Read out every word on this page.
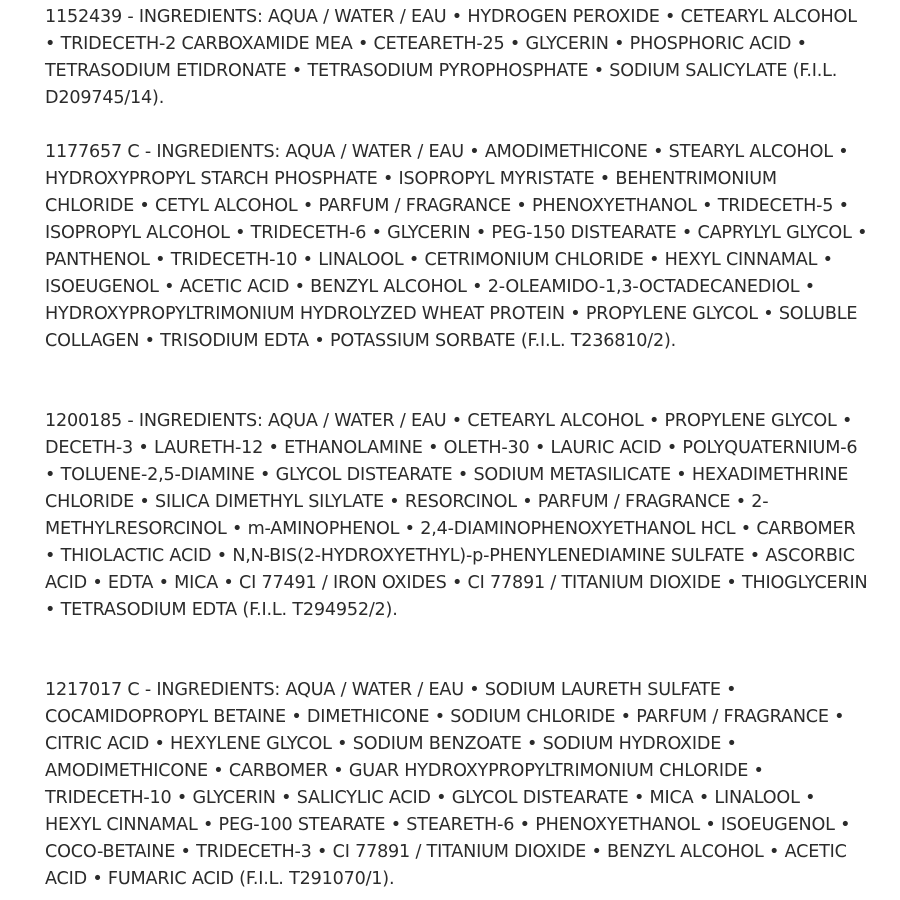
1152439 - INGREDIENTS: AQUA / WATER / EAU • HYDROGEN PEROXIDE • CETEARYL ALCOHOL • TRIDECETH-2 CARBOXAMIDE MEA • CETEARETH-25 • GLYCERIN • PHOSPHORIC ACID • TETRASODIUM ETIDRONATE • TETRASODIUM PYROPHOSPHATE • SODIUM SALICYLATE (F.I.L. D209745/14).

1177657 C - INGREDIENTS: AQUA / WATER / EAU • AMODIMETHICONE • STEARYL ALCOHOL • HYDROXYPROPYL STARCH PHOSPHATE • ISOPROPYL MYRISTATE • BEHENTRIMONIUM CHLORIDE • CETYL ALCOHOL • PARFUM / FRAGRANCE • PHENOXYETHANOL • TRIDECETH-5 • ISOPROPYL ALCOHOL • TRIDECETH-6 • GLYCERIN • PEG-150 DISTEARATE • CAPRYLYL GLYCOL • PANTHENOL • TRIDECETH-10 • LINALOOL • CETRIMONIUM CHLORIDE • HEXYL CINNAMAL • ISOEUGENOL • ACETIC ACID • BENZYL ALCOHOL • 2-OLEAMIDO-1,3-OCTADECANEDIOL • HYDROXYPROPYLTRIMONIUM HYDROLYZED WHEAT PROTEIN • PROPYLENE GLYCOL • SOLUBLE COLLAGEN • TRISODIUM EDTA • POTASSIUM SORBATE (F.I.L. T236810/2).

1200185 - INGREDIENTS: AQUA / WATER / EAU • CETEARYL ALCOHOL • PROPYLENE GLYCOL • DECETH-3 • LAURETH-12 • ETHANOLAMINE • OLETH-30 • LAURIC ACID • POLYQUATERNIUM-6 • TOLUENE-2,5-DIAMINE • GLYCOL DISTEARATE • SODIUM METASILICATE • HEXADIMETHRINE CHLORIDE • SILICA DIMETHYL SILYLATE • RESORCINOL • PARFUM / FRAGRANCE • 2-METHYLRESORCINOL • m-AMINOPHENOL • 2,4-DIAMINOPHENOXYETHANOL HCL • CARBOMER • THIOLACTIC ACID • N,N-BIS(2-HYDROXYETHYL)-p-PHENYLENEDIAMINE SULFATE • ASCORBIC ACID • EDTA • MICA • CI 77491 / IRON OXIDES • CI 77891 / TITANIUM DIOXIDE • THIOGLYCERIN • TETRASODIUM EDTA (F.I.L. T294952/2).

1217017 C - INGREDIENTS: AQUA / WATER / EAU • SODIUM LAURETH SULFATE • COCAMIDOPROPYL BETAINE • DIMETHICONE • SODIUM CHLORIDE • PARFUM / FRAGRANCE • CITRIC ACID • HEXYLENE GLYCOL • SODIUM BENZOATE • SODIUM HYDROXIDE • AMODIMETHICONE • CARBOMER • GUAR HYDROXYPROPYLTRIMONIUM CHLORIDE • TRIDECETH-10 • GLYCERIN • SALICYLIC ACID • GLYCOL DISTEARATE • MICA • LINALOOL • HEXYL CINNAMAL • PEG-100 STEARATE • STEARETH-6 • PHENOXYETHANOL • ISOEUGENOL • COCO-BETAINE • TRIDECETH-3 • CI 77891 / TITANIUM DIOXIDE • BENZYL ALCOHOL • ACETIC ACID • FUMARIC ACID (F.I.L. T291070/1).
